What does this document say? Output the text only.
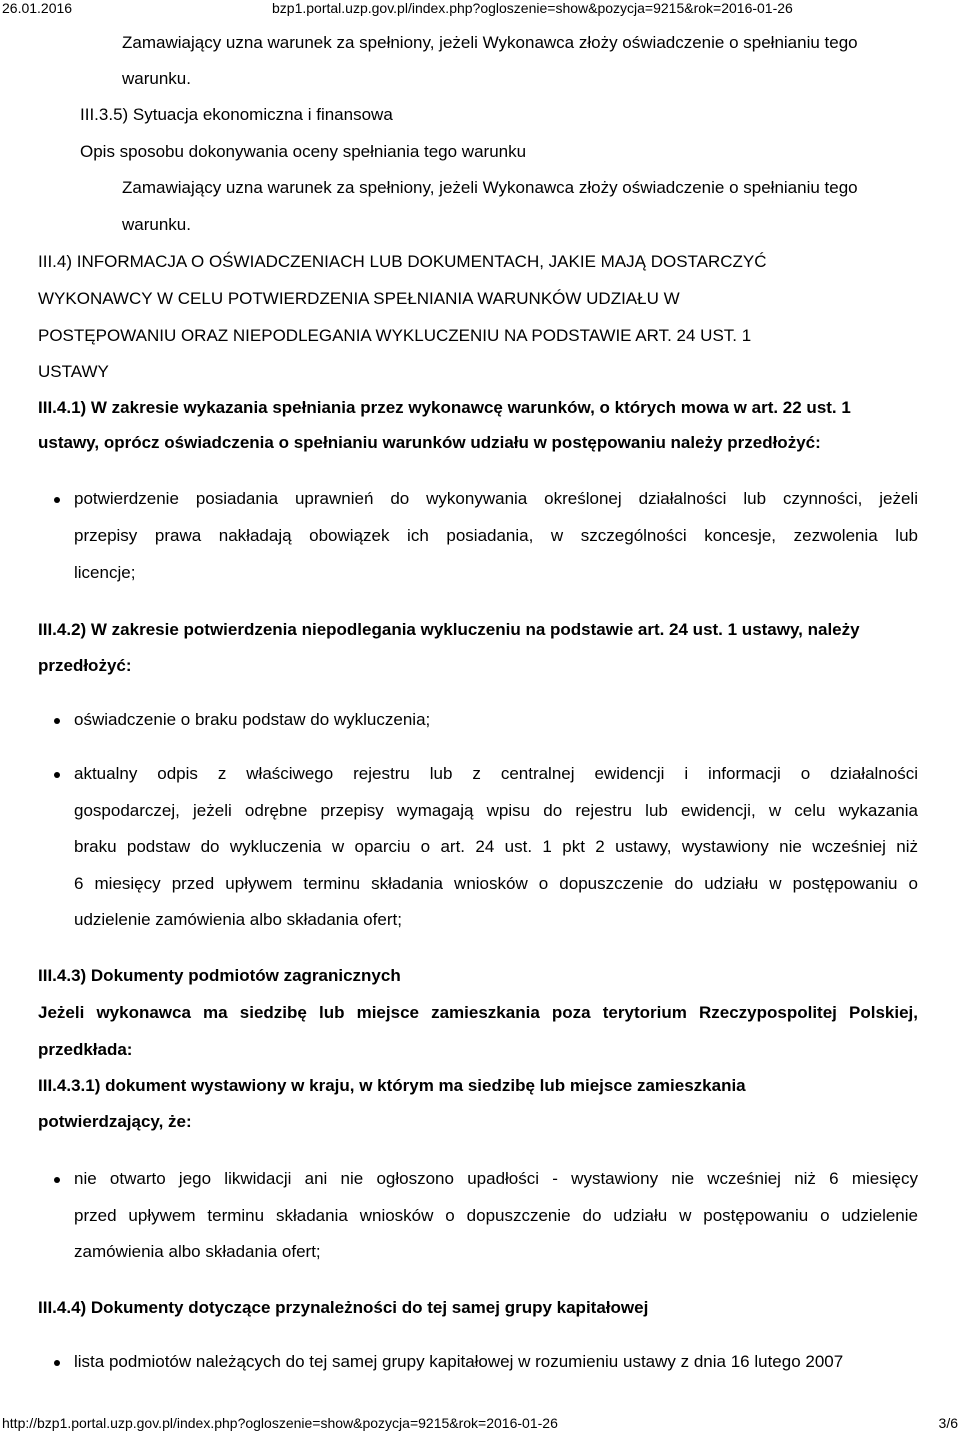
26.01.2016	bzp1.portal.uzp.gov.pl/index.php?ogloszenie=show&pozycja=9215&rok=2016-01-26
Zamawiający uzna warunek za spełniony, jeżeli Wykonawca złoży oświadczenie o spełnianiu tego
warunku.
III.3.5) Sytuacja ekonomiczna i finansowa
Opis sposobu dokonywania oceny spełniania tego warunku
Zamawiający uzna warunek za spełniony, jeżeli Wykonawca złoży oświadczenie o spełnianiu tego
warunku.
III.4) INFORMACJA O OŚWIADCZENIACH LUB DOKUMENTACH, JAKIE MAJĄ DOSTARCZYĆ
WYKONAWCY W CELU POTWIERDZENIA SPEŁNIANIA WARUNKÓW UDZIAŁU W
POSTĘPOWANIU ORAZ NIEPODLEGANIA WYKLUCZENIU NA PODSTAWIE ART. 24 UST. 1
USTAWY
III.4.1) W zakresie wykazania spełniania przez wykonawcę warunków, o których mowa w art. 22 ust. 1
ustawy, oprócz oświadczenia o spełnianiu warunków udziału w postępowaniu należy przedłożyć:
potwierdzenie posiadania uprawnień do wykonywania określonej działalności lub czynności, jeżeli
przepisy prawa nakładają obowiązek ich posiadania, w szczególności koncesje, zezwolenia lub
licencje;
III.4.2) W zakresie potwierdzenia niepodlegania wykluczeniu na podstawie art. 24 ust. 1 ustawy, należy
przedłożyć:
oświadczenie o braku podstaw do wykluczenia;
aktualny odpis z właściwego rejestru lub z centralnej ewidencji i informacji o działalności
gospodarczej, jeżeli odrębne przepisy wymagają wpisu do rejestru lub ewidencji, w celu wykazania
braku podstaw do wykluczenia w oparciu o art. 24 ust. 1 pkt 2 ustawy, wystawiony nie wcześniej niż
6 miesięcy przed upływem terminu składania wniosków o dopuszczenie do udziału w postępowaniu o
udzielenie zamówienia albo składania ofert;
III.4.3) Dokumenty podmiotów zagranicznych
Jeżeli wykonawca ma siedzibę lub miejsce zamieszkania poza terytorium Rzeczypospolitej Polskiej,
przedkłada:
III.4.3.1) dokument wystawiony w kraju, w którym ma siedzibę lub miejsce zamieszkania
potwierdzający, że:
nie otwarto jego likwidacji ani nie ogłoszono upadłości - wystawiony nie wcześniej niż 6 miesięcy
przed upływem terminu składania wniosków o dopuszczenie do udziału w postępowaniu o udzielenie
zamówienia albo składania ofert;
III.4.4) Dokumenty dotyczące przynależności do tej samej grupy kapitałowej
lista podmiotów należących do tej samej grupy kapitałowej w rozumieniu ustawy z dnia 16 lutego 2007
http://bzp1.portal.uzp.gov.pl/index.php?ogloszenie=show&pozycja=9215&rok=2016-01-26	3/6
